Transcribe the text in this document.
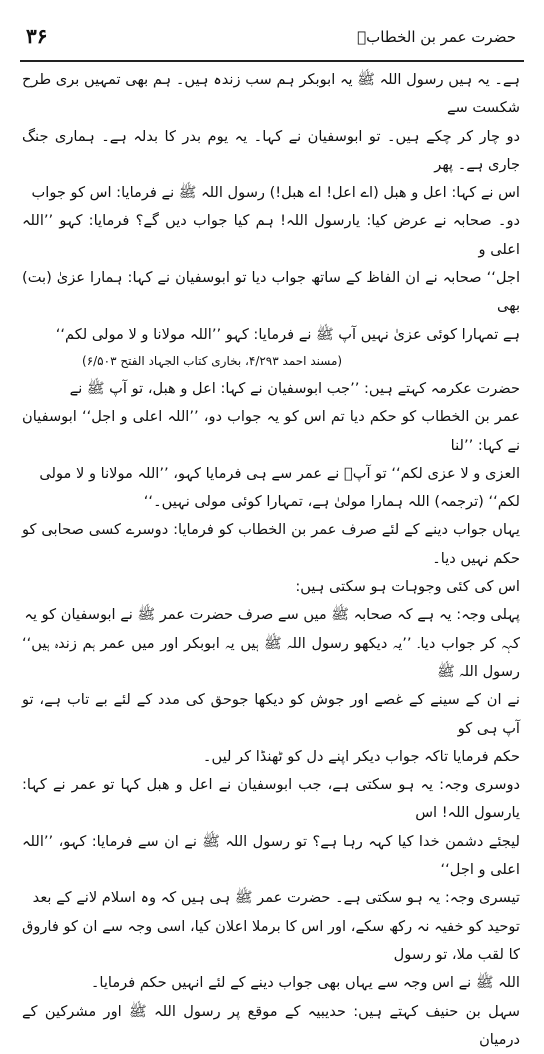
۳۶	حضرت عمر بن الخطابؓ

ہے۔ یہ ہیں رسول اللہ ﷺ یہ ابوبکر ہم سب زندہ ہیں۔ ہم بھی تمہیں بری طرح شکست سے

دو چار کر چکے ہیں۔ تو ابوسفیان نے کہا۔ یہ یوم بدر کا بدلہ ہے۔ ہماری جنگ جاری ہے۔ پھر

اس نے کہا: اعل و ھبل (اے اعل! اے ھبل!) رسول اللہ ﷺ نے فرمایا: اس کو جواب

دو۔ صحابہ نے عرض کیا: یارسول اللہ! ہم کیا جواب دیں گے؟ فرمایا: کہو ’’اللہ اعلی و

اجل‘‘ صحابہ نے ان الفاظ کے ساتھ جواب دیا تو ابوسفیان نے کہا: ہمارا عزیٰ (بت) بھی

ہے تمہارا کوئی عزیٰ نہیں آپ ﷺ نے فرمایا: کہو ’’اللہ مولانا و لا مولی لکم‘‘

(مسند احمد ۴/۲۹۳، بخاری کتاب الجہاد الفتح ۶/۵۰۳)

حضرت عکرمہ کہتے ہیں: ’’جب ابوسفیان نے کہا: اعل و ھبل، تو آپ ﷺ نے

عمر بن الخطاب کو حکم دیا تم اس کو یہ جواب دو، ’’اللہ اعلی و اجل‘‘ ابوسفیان نے کہا: ’’لنا

العزی و لا عزی لکم‘‘ تو آپؐ نے عمر سے ہی فرمایا کہو، ’’اللہ مولانا و لا مولی

لکم‘‘ (ترجمہ) اللہ ہمارا مولیٰ ہے، تمہارا کوئی مولی نہیں۔‘‘

یہاں جواب دینے کے لئے صرف عمر بن الخطاب کو فرمایا: دوسرے کسی صحابی کو حکم نہیں دیا۔

اس کی کئی وجوہات ہو سکتی ہیں:

پہلی وجہ: یہ ہے کہ صحابہ ﷺ میں سے صرف حضرت عمر ﷺ نے ابوسفیان کو یہ

کہہ کر جواب دیا۔ ’’یہ دیکھو رسول اللہ ﷺ ہیں یہ ابوبکر اور میں عمر ہم زندہ ہیں‘‘ رسول اللہ ﷺ

نے ان کے سینے کے غصے اور جوش کو دیکھا جوحق کی مدد کے لئے بے تاب ہے، تو آپ ہی کو

حکم فرمایا تاکہ جواب دیکر اپنے دل کو ٹھنڈا کر لیں۔

دوسری وجہ: یہ ہو سکتی ہے، جب ابوسفیان نے اعل و ھبل کہا تو عمر نے کہا: یارسول اللہ! اس

لیجئے دشمن خدا کیا کہہ رہا ہے؟ تو رسول اللہ ﷺ نے ان سے فرمایا: کہو، ’’اللہ اعلی و اجل‘‘

تیسری وجہ: یہ ہو سکتی ہے۔ حضرت عمر ﷺ ہی ہیں کہ وہ اسلام لانے کے بعد

توحید کو خفیہ نہ رکھ سکے، اور اس کا برملا اعلان کیا، اسی وجہ سے ان کو فاروق کا لقب ملا، تو رسول

اللہ ﷺ نے اس وجہ سے یہاں بھی جواب دینے کے لئے انہیں حکم فرمایا۔

سہل بن حنیف کہتے ہیں: حدیبیہ کے موقع پر رسول اللہ ﷺ اور مشرکین کے درمیان
